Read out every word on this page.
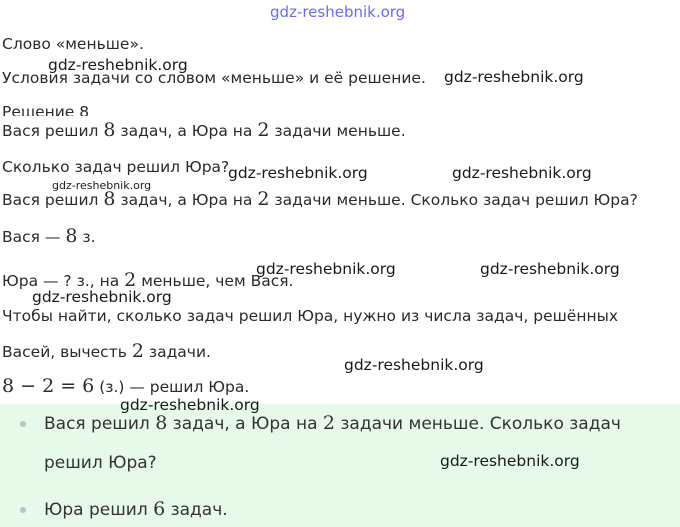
gdz-reshebnik.org
Слово «меньше».
Условия задачи со словом «меньше» и её решение.
Решение 8
Вася решил 8 задач, а Юра на 2 задачи меньше.
Сколько задач решил Юра?
Вася решил 8 задач, а Юра на 2 задачи меньше. Сколько задач решил Юра?
Вася — 8 з.
Юра — ? з., на 2 меньше, чем Вася.
Чтобы найти, сколько задач решил Юра, нужно из числа задач, решённых
Васей, вычесть 2 задачи.
8 − 2 = 6 (з.) — решил Юра.
Вася решил 8 задач, а Юра на 2 задачи меньше. Сколько задач
решил Юра?
Юра решил 6 задач.
gdz-reshebnik.org
gdz-reshebnik.org
gdz-reshebnik.org	gdz-reshebnik.org
gdz-reshebnik.org
gdz-reshebnik.org	gdz-reshebnik.org
gdz-reshebnik.org
gdz-reshebnik.org
gdz-reshebnik.org
gdz-reshebnik.org
